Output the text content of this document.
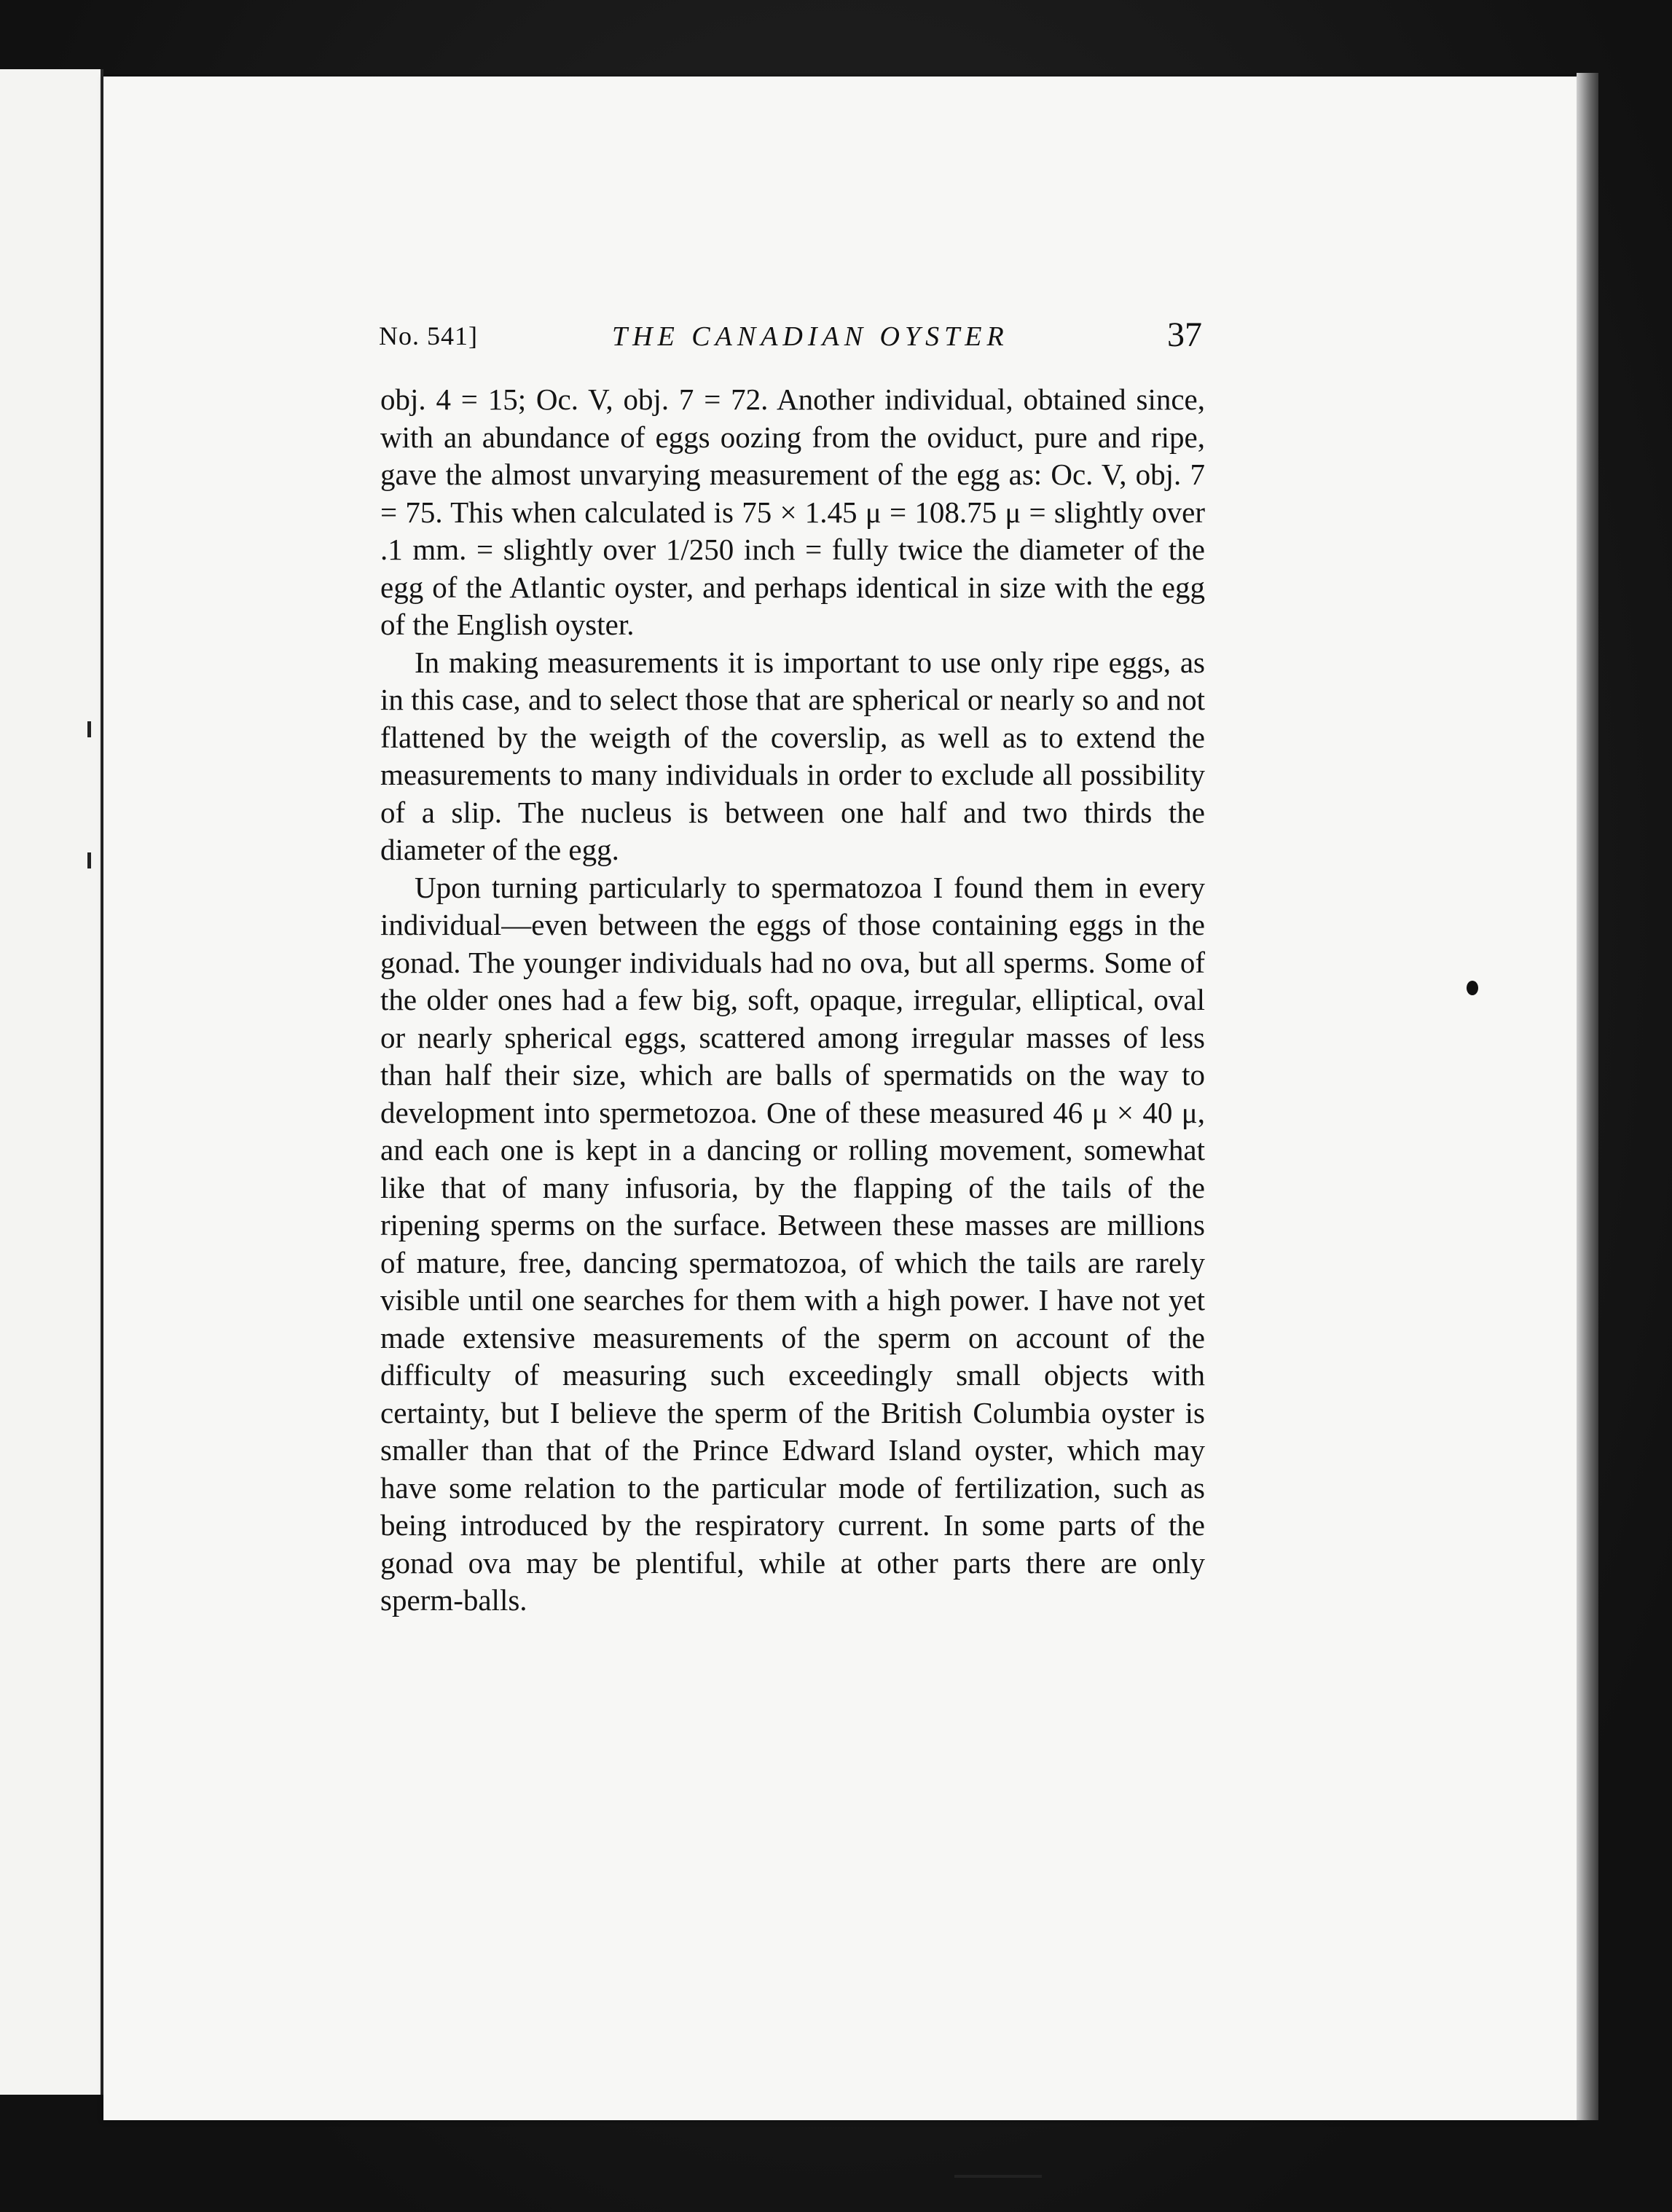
No. 541]	THE CANADIAN OYSTER	37

obj. 4 = 15; Oc. V, obj. 7 = 72. Another individual, obtained since, with an abundance of eggs oozing from the oviduct, pure and ripe, gave the almost unvarying measurement of the egg as: Oc. V, obj. 7 = 75. This when calculated is 75 × 1.45 μ = 108.75 μ = slightly over .1 mm. = slightly over 1/250 inch = fully twice the diameter of the egg of the Atlantic oyster, and perhaps identical in size with the egg of the English oyster.

In making measurements it is important to use only ripe eggs, as in this case, and to select those that are spherical or nearly so and not flattened by the weigth of the coverslip, as well as to extend the measurements to many individuals in order to exclude all possibility of a slip. The nucleus is between one half and two thirds the diameter of the egg.

Upon turning particularly to spermatozoa I found them in every individual—even between the eggs of those containing eggs in the gonad. The younger individuals had no ova, but all sperms. Some of the older ones had a few big, soft, opaque, irregular, elliptical, oval or nearly spherical eggs, scattered among irregular masses of less than half their size, which are balls of spermatids on the way to development into spermetozoa. One of these measured 46 μ × 40 μ, and each one is kept in a dancing or rolling movement, somewhat like that of many infusoria, by the flapping of the tails of the ripening sperms on the surface. Between these masses are millions of mature, free, dancing spermatozoa, of which the tails are rarely visible until one searches for them with a high power. I have not yet made extensive measurements of the sperm on account of the difficulty of measuring such exceedingly small objects with certainty, but I believe the sperm of the British Columbia oyster is smaller than that of the Prince Edward Island oyster, which may have some relation to the particular mode of fertilization, such as being introduced by the respiratory current. In some parts of the gonad ova may be plentiful, while at other parts there are only sperm-balls.
